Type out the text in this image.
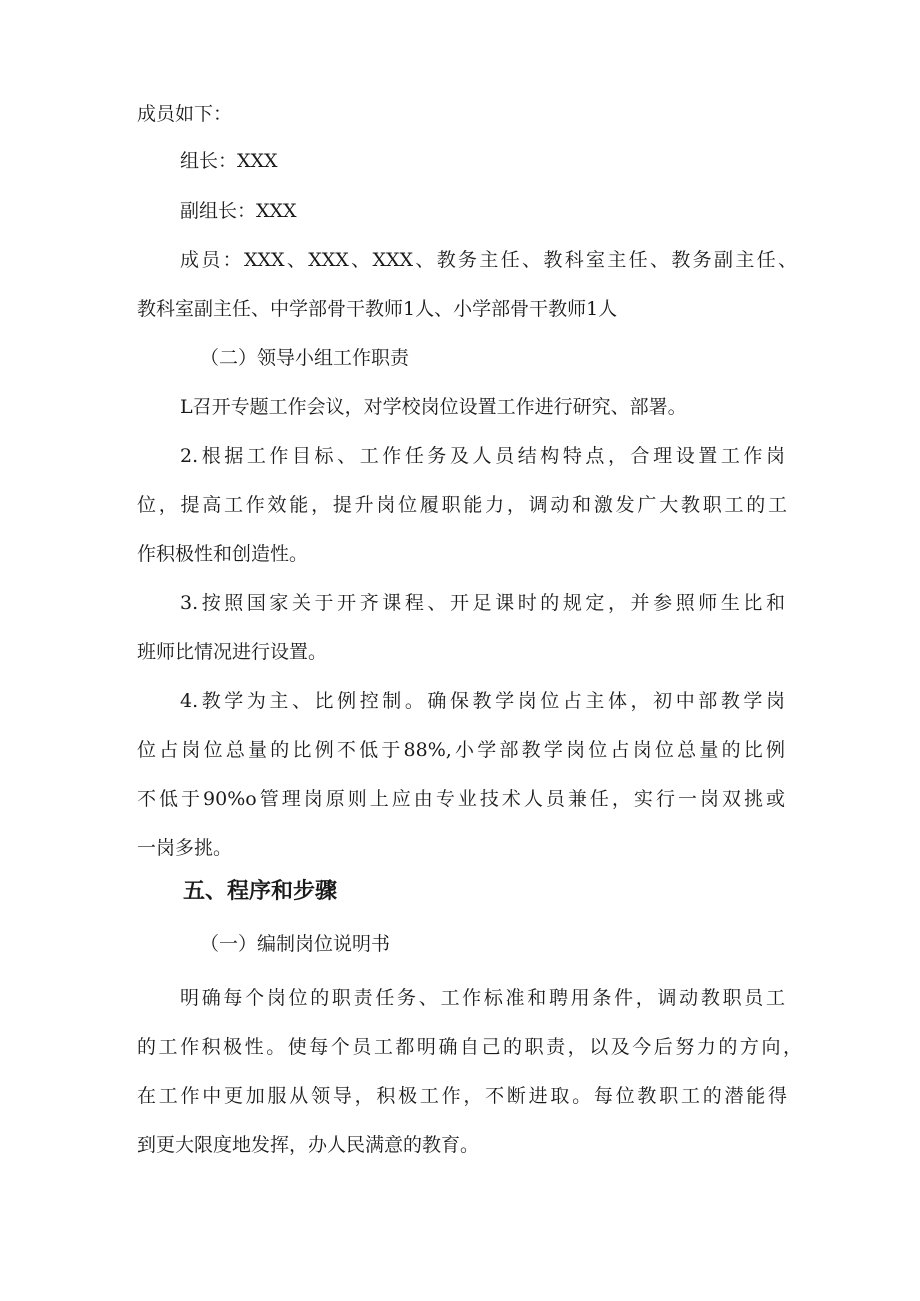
成员如下：
组长：XXX
副组长：XXX
成员：XXX、XXX、XXX、教务主任、教科室主任、教务副主任、
教科室副主任、中学部骨干教师1人、小学部骨干教师1人
（二）领导小组工作职责
L召开专题工作会议，对学校岗位设置工作进行研究、部署。
2.根据工作目标、工作任务及人员结构特点，合理设置工作岗
位，提高工作效能，提升岗位履职能力，调动和激发广大教职工的工
作积极性和创造性。
3.按照国家关于开齐课程、开足课时的规定，并参照师生比和
班师比情况进行设置。
4.教学为主、比例控制。确保教学岗位占主体，初中部教学岗
位占岗位总量的比例不低于88%,小学部教学岗位占岗位总量的比例
不低于90%o管理岗原则上应由专业技术人员兼任，实行一岗双挑或
一岗多挑。
五、程序和步骤
（一）编制岗位说明书
明确每个岗位的职责任务、工作标准和聘用条件，调动教职员工
的工作积极性。使每个员工都明确自己的职责，以及今后努力的方向，
在工作中更加服从领导，积极工作，不断进取。每位教职工的潜能得
到更大限度地发挥，办人民满意的教育。
